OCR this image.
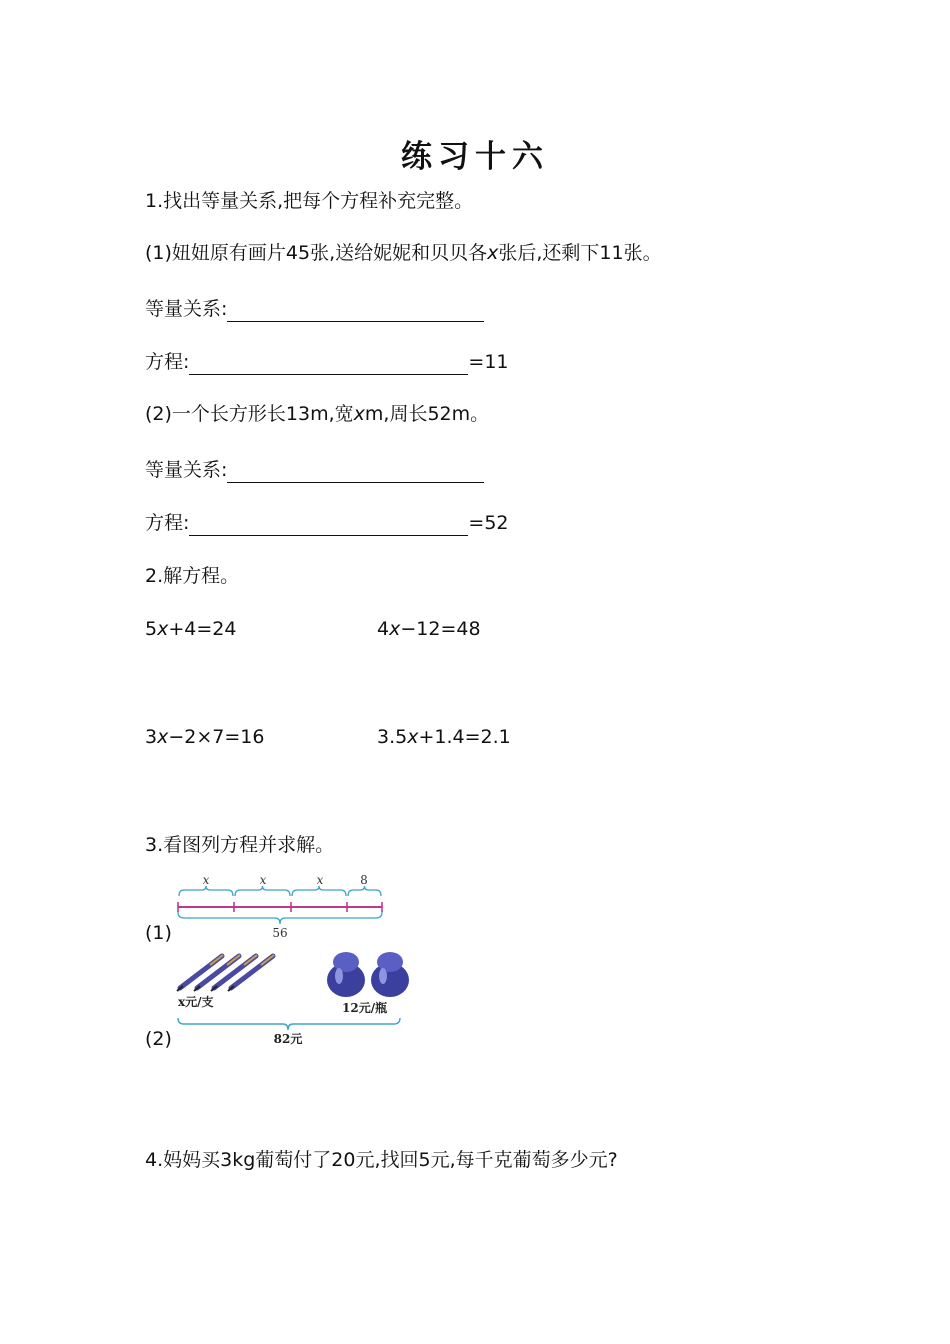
练习十六
1.找出等量关系,把每个方程补充完整。
(1)妞妞原有画片45张,送给妮妮和贝贝各x张后,还剩下11张。
等量关系:
方程:	=11
(2)一个长方形长13m,宽xm,周长52m。
等量关系:
方程:	=52
2.解方程。
5x+4=24	4x−12=48
3x−2×7=16	3.5x+1.4=2.1
3.看图列方程并求解。
(1)
x	x	x	8
56
(2)
x元/支	12元/瓶
82元
4.妈妈买3kg葡萄付了20元,找回5元,每千克葡萄多少元?
